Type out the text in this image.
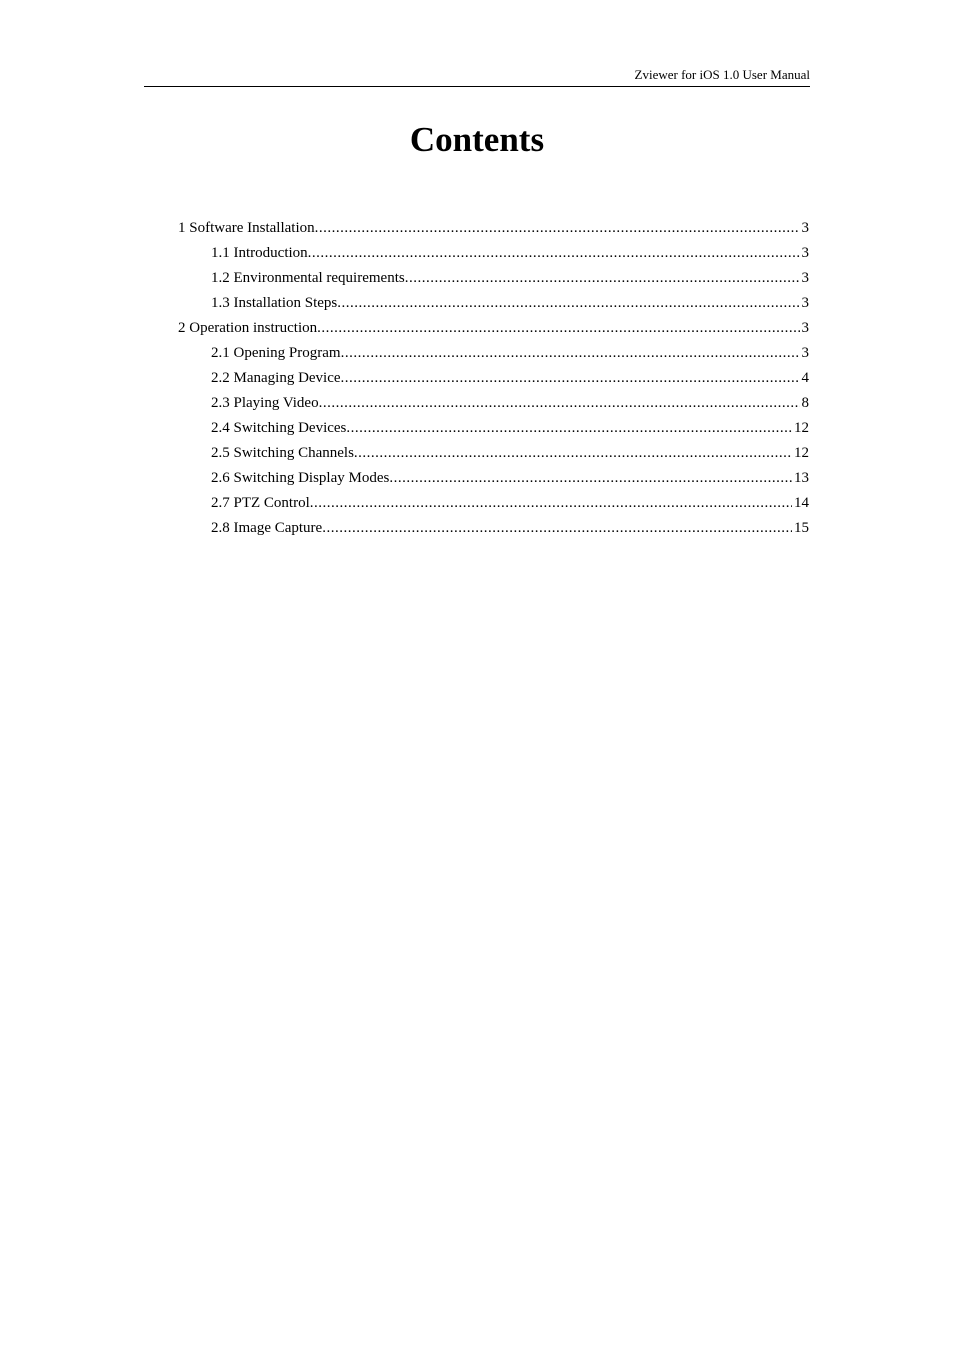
Zviewer for iOS 1.0 User Manual
Contents
1 Software Installation .....	3
1.1 Introduction .....	3
1.2 Environmental requirements .....	3
1.3 Installation Steps .....	3
2 Operation instruction .....	3
2.1 Opening Program .....	3
2.2 Managing Device .....	4
2.3 Playing Video .....	8
2.4 Switching Devices .....	12
2.5 Switching Channels .....	12
2.6 Switching Display Modes .....	13
2.7 PTZ Control .....	14
2.8 Image Capture .....	15
